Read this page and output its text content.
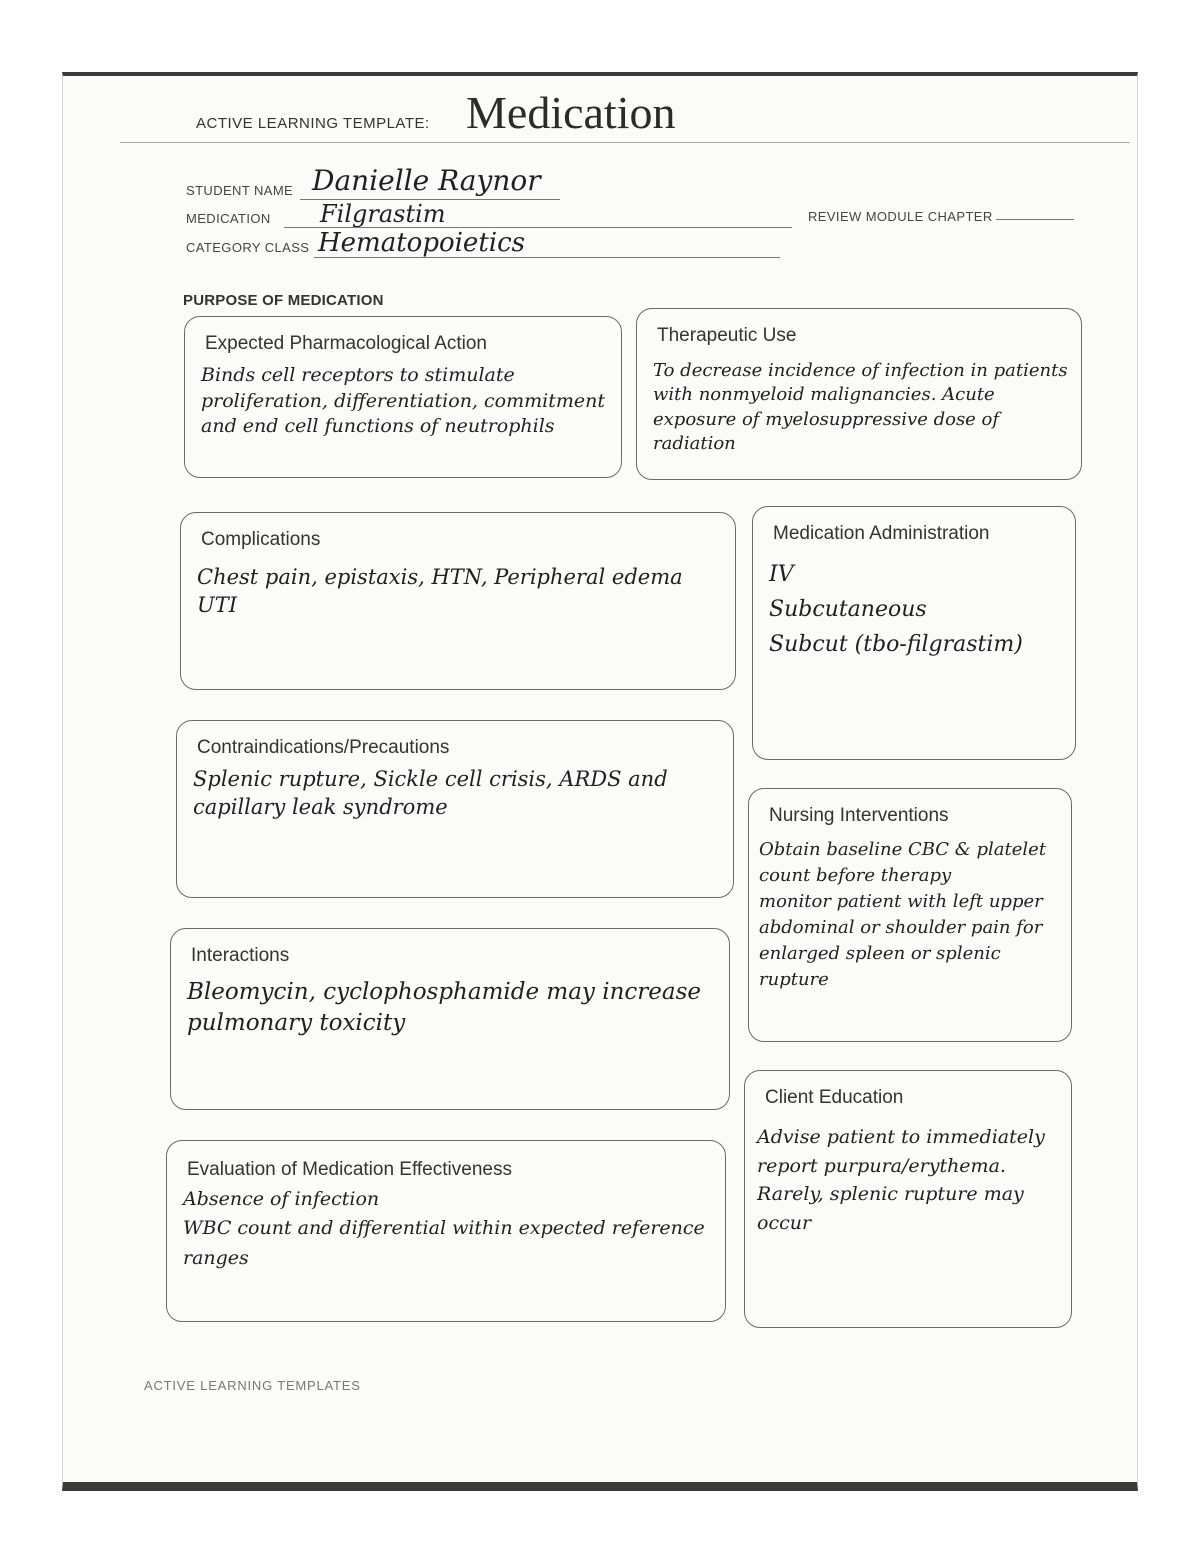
ACTIVE LEARNING TEMPLATE: Medication
STUDENT NAME Danielle Raynor
MEDICATION Filgrastim	REVIEW MODULE CHAPTER
CATEGORY CLASS Hematopoietics
PURPOSE OF MEDICATION
Expected Pharmacological Action
Binds cell receptors to stimulate proliferation, differentiation, commitment and end cell functions of neutrophils
Therapeutic Use
To decrease incidence of infection in patients with nonmyeloid malignancies. Acute exposure of myelosuppressive dose of radiation
Complications
Chest pain, epistaxis, HTN, Peripheral edema
UTI
Medication Administration
IV
Subcutaneous
Subcut (tbo-filgrastim)
Contraindications/Precautions
Splenic rupture, Sickle cell crisis, ARDS and capillary leak syndrome	Nursing Interventions
Obtain baseline CBC & platelet count before therapy
monitor patient with left upper abdominal or shoulder pain for enlarged spleen or splenic rupture
Interactions
Bleomycin, cyclophosphamide may increase pulmonary toxicity
Client Education
Advise patient to immediately report purpura/erythema.
Rarely, splenic rupture may occur
Evaluation of Medication Effectiveness
Absence of infection
WBC count and differential within expected reference ranges
ACTIVE LEARNING TEMPLATES
